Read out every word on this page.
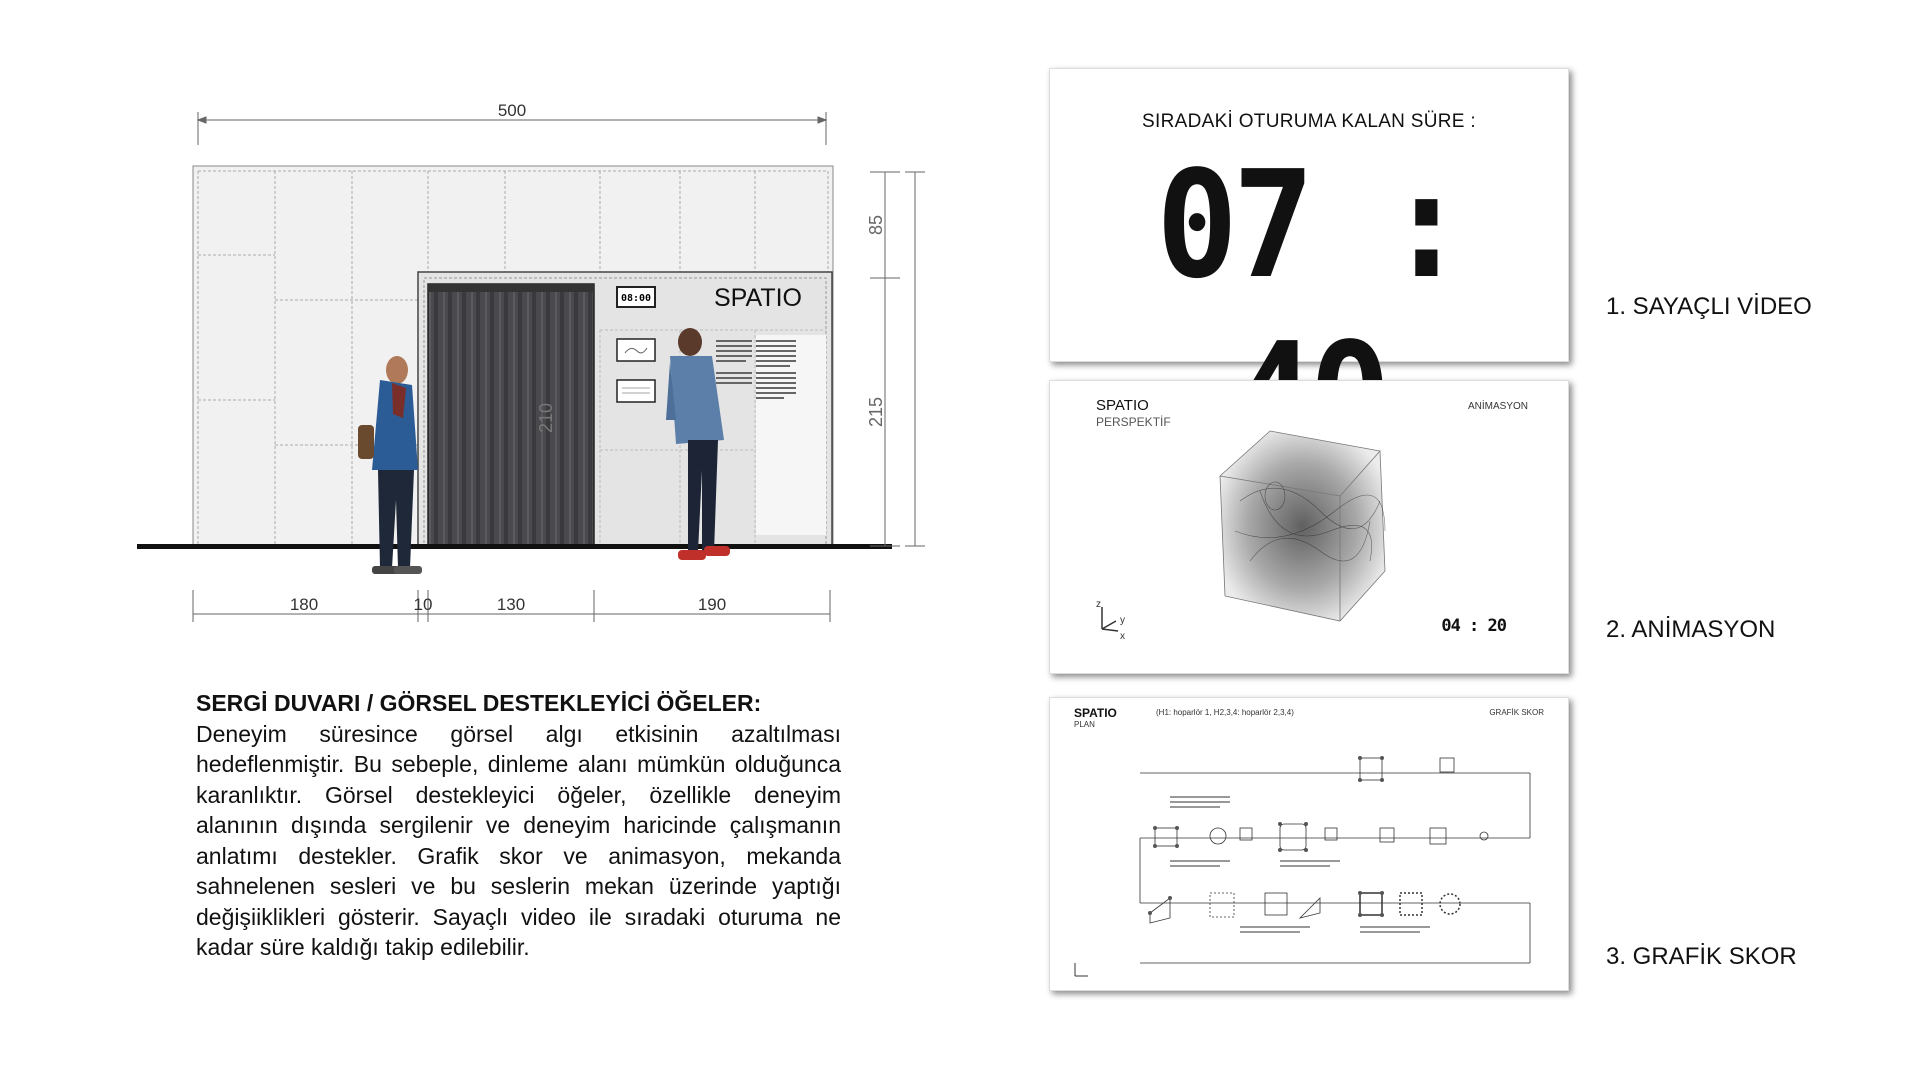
500
210
08:00	SPATIO
85
215
180	10	130	190
SERGİ DUVARI / GÖRSEL DESTEKLEYİCİ ÖĞELER:
Deneyim süresince görsel algı etkisinin azaltılması hedeflenmiştir. Bu sebeple, dinleme alanı mümkün olduğunca karanlıktır. Görsel destekleyici öğeler, özellikle deneyim alanının dışında sergilenir ve deneyim haricinde çalışmanın anlatımı destekler. Grafik skor ve animasyon, mekanda sahnelenen sesleri ve bu seslerin mekan üzerinde yaptığı değişiiklikleri gösterir. Sayaçlı video ile sıradaki oturuma ne kadar süre kaldığı takip edilebilir.
SIRADAKİ OTURUMA KALAN SÜRE :
07 :	1. SAYAÇLI VİDEO
SPATIO
PERSPEKTİF
ANİMASYON
z
y
x
04 : 20	2. ANİMASYON
SPATIO
PLAN
(H1: hoparlör 1, H2,3,4: hoparlör 2,3,4)	GRAFİK SKOR
3. GRAFİK SKOR
